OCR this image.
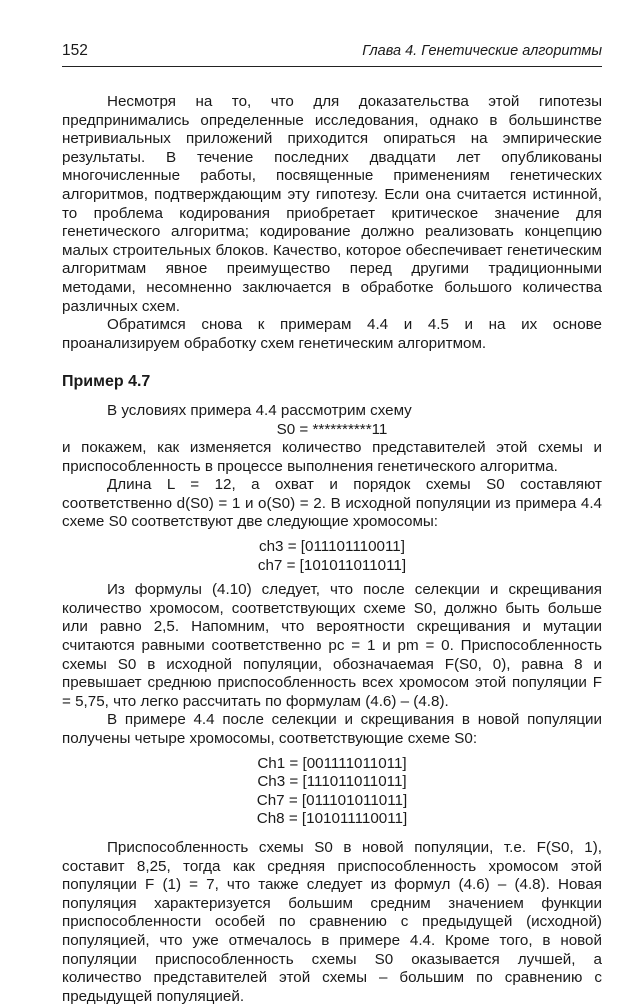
152	Глава 4. Генетические алгоритмы

Несмотря на то, что для доказательства этой гипотезы предпринимались определенные исследования, однако в большинстве нетривиальных приложений приходится опираться на эмпирические результаты. В течение последних двадцати лет опубликованы многочисленные работы, посвященные применениям генетических алгоритмов, подтверждающим эту гипотезу. Если она считается истинной, то проблема кодирования приобретает критическое значение для генетического алгоритма; кодирование должно реализовать концепцию малых строительных блоков. Качество, которое обеспечивает генетическим алгоритмам явное преимущество перед другими традиционными методами, несомненно заключается в обработке большого количества различных схем.

Обратимся снова к примерам 4.4 и 4.5 и на их основе проанализируем обработку схем генетическим алгоритмом.

Пример 4.7

В условиях примера 4.4 рассмотрим схему

S0 = **********11

и покажем, как изменяется количество представителей этой схемы и приспособленность в процессе выполнения генетического алгоритма.

Длина L = 12, а охват и порядок схемы S0 составляют соответственно d(S0) = 1 и o(S0) = 2. В исходной популяции из примера 4.4 схеме S0 соответствуют две следующие хромосомы:

ch3 = [011101110011]
ch7 = [101011011011]

Из формулы (4.10) следует, что после селекции и скрещивания количество хромосом, соответствующих схеме S0, должно быть больше или равно 2,5. Напомним, что вероятности скрещивания и мутации считаются равными соответственно pc = 1 и pm = 0. Приспособленность схемы S0 в исходной популяции, обозначаемая F(S0, 0), равна 8 и превышает среднюю приспособленность всех хромосом этой популяции F = 5,75, что легко рассчитать по формулам (4.6) – (4.8).

В примере 4.4 после селекции и скрещивания в новой популяции получены четыре хромосомы, соответствующие схеме S0:

Ch1 = [001111011011]
Ch3 = [111011011011]
Ch7 = [011101011011]
Ch8 = [101011110011]

Приспособленность схемы S0 в новой популяции, т.е. F(S0, 1), составит 8,25, тогда как средняя приспособленность хромосом этой популяции F (1) = 7, что также следует из формул (4.6) – (4.8). Новая популяция характеризуется большим средним значением функции приспособленности особей по сравнению с предыдущей (исходной) популяцией, что уже отмечалось в примере 4.4. Кроме того, в новой популяции приспособленность схемы S0 оказывается лучшей, а количество представителей этой схемы – большим по сравнению с предыдущей популяцией.
